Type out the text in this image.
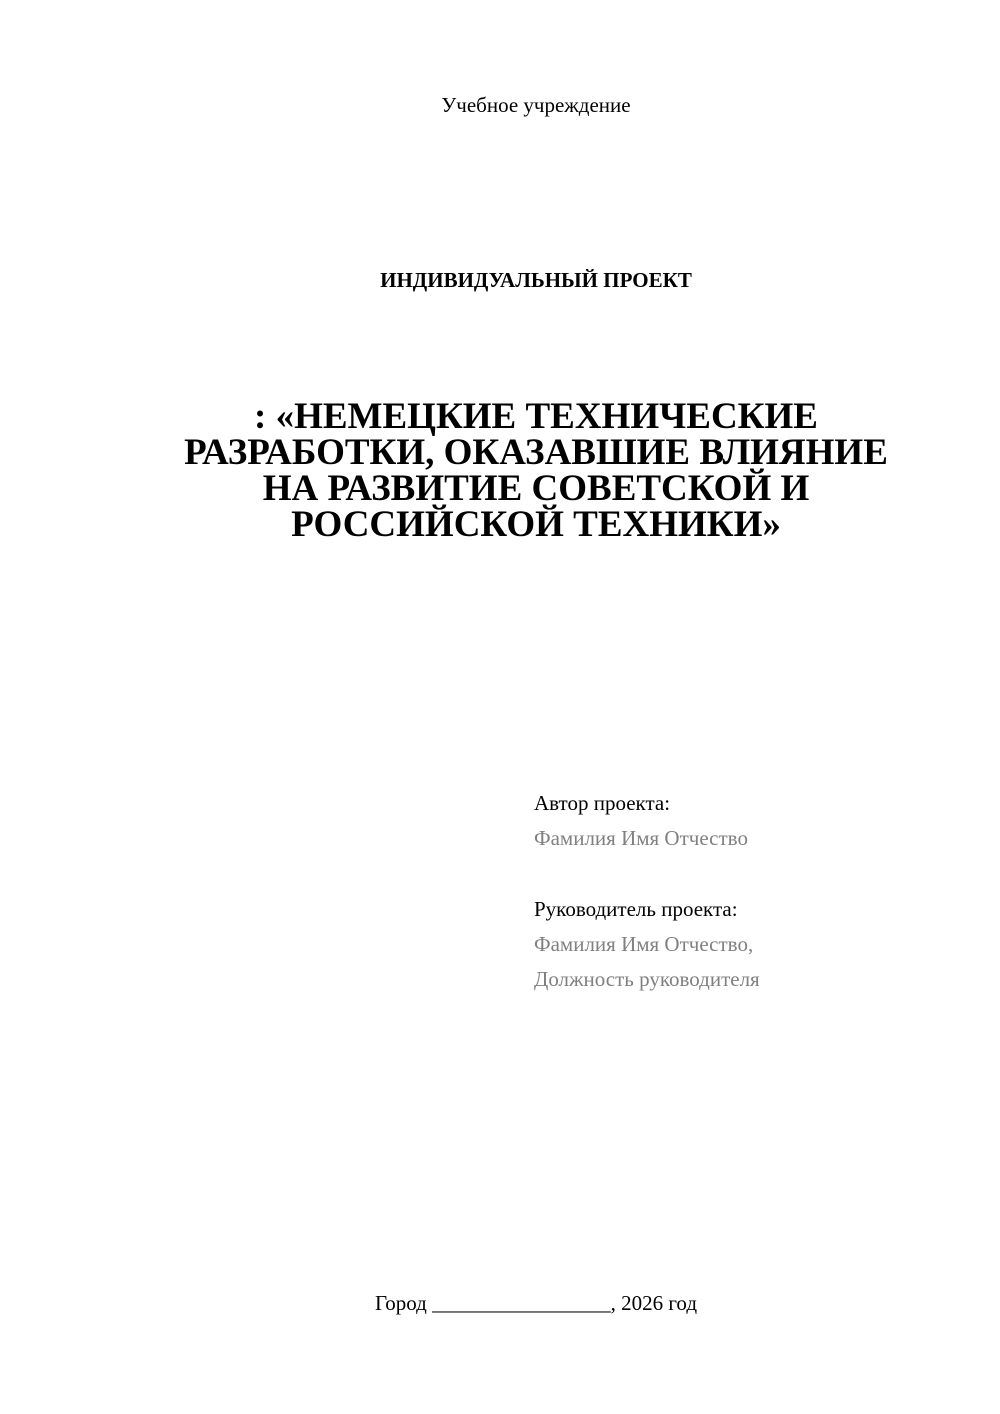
Учебное учреждение
ИНДИВИДУАЛЬНЫЙ ПРОЕКТ
: «НЕМЕЦКИЕ ТЕХНИЧЕСКИЕ
РАЗРАБОТКИ, ОКАЗАВШИЕ ВЛИЯНИЕ
НА РАЗВИТИЕ СОВЕТСКОЙ И
РОССИЙСКОЙ ТЕХНИКИ»
Автор проекта:
Фамилия Имя Отчество
Руководитель проекта:
Фамилия Имя Отчество,
Должность руководителя
Город _________________, 2026 год
